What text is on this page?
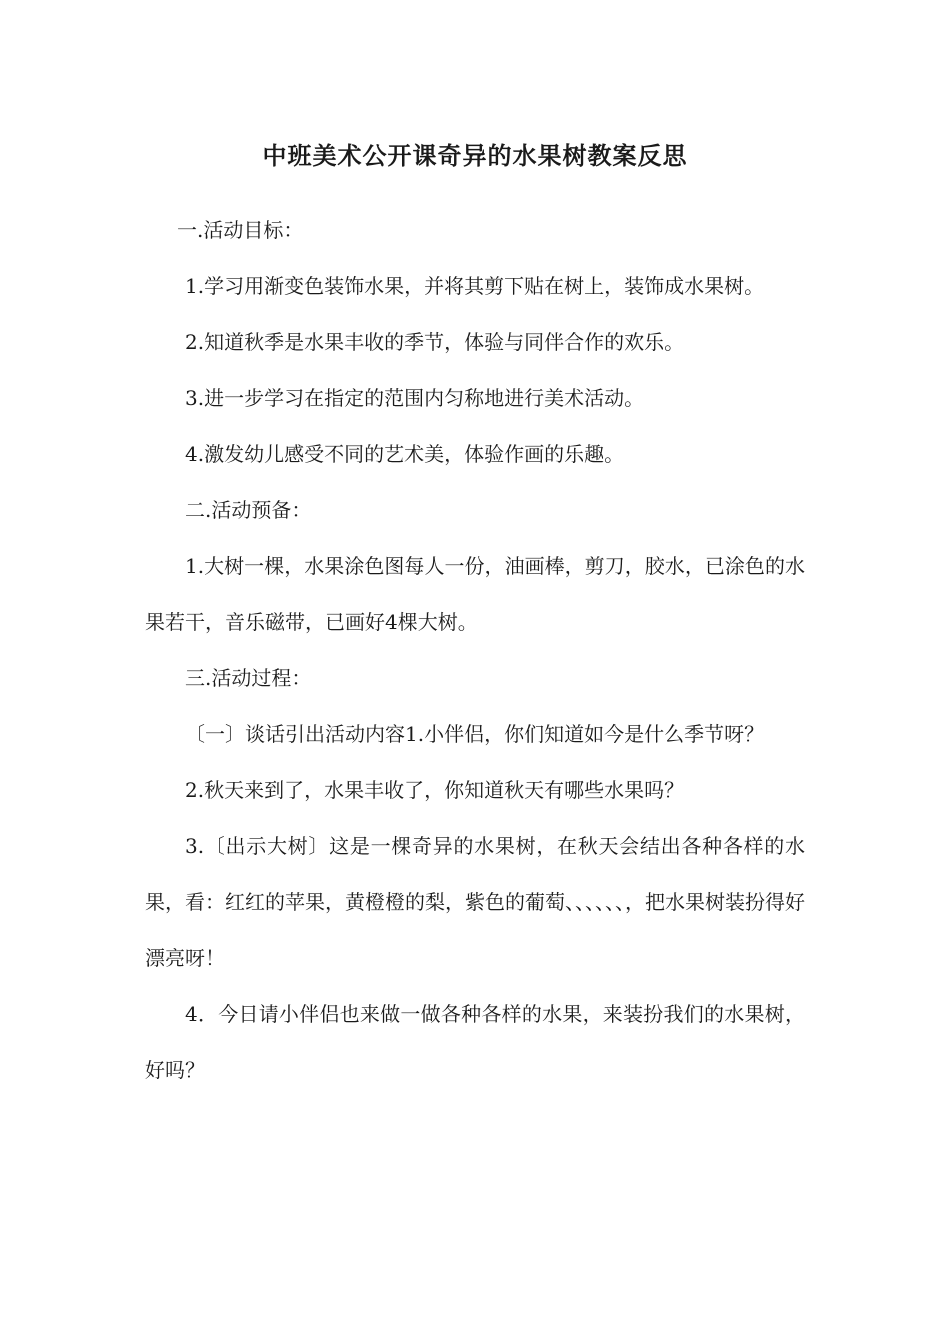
中班美术公开课奇异的水果树教案反思

一.活动目标：

1.学习用渐变色装饰水果，并将其剪下贴在树上，装饰成水果树。

2.知道秋季是水果丰收的季节，体验与同伴合作的欢乐。

3.进一步学习在指定的范围内匀称地进行美术活动。

4.激发幼儿感受不同的艺术美，体验作画的乐趣。

二.活动预备：

1.大树一棵，水果涂色图每人一份，油画棒，剪刀，胶水，已涂色的水果若干，音乐磁带，已画好4棵大树。

三.活动过程：

〔一〕谈话引出活动内容1.小伴侣，你们知道如今是什么季节呀？

2.秋天来到了，水果丰收了，你知道秋天有哪些水果吗？

3.〔出示大树〕这是一棵奇异的水果树，在秋天会结出各种各样的水果，看：红红的苹果，黄橙橙的梨，紫色的葡萄、、、、、、，把水果树装扮得好漂亮呀！

4．今日请小伴侣也来做一做各种各样的水果，来装扮我们的水果树，好吗？
